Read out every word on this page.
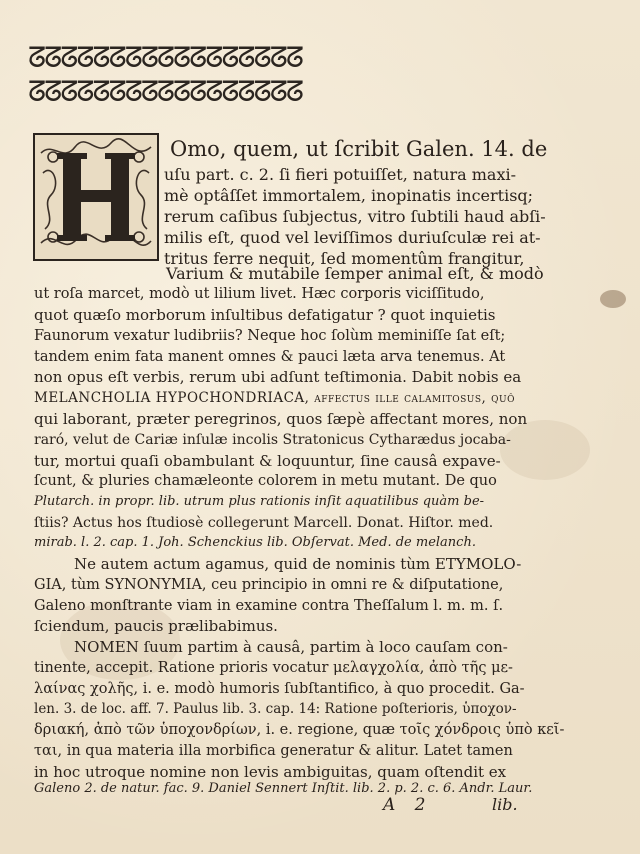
ᘔᘔᘔᘔᘔᘔᘔᘔᘔᘔᘔᘔᘔᘔᘔᘔᘔ
ᘔᘔᘔᘔᘔᘔᘔᘔᘔᘔᘔᘔᘔᘔᘔᘔᘔ
Omo, quem, ut ſcribit Galen. 14. de
uſu part. c. 2. ſi fieri potuiſſet, natura maxi-
mè optâſſet immortalem, inopinatis incertisq;
rerum caſibus ſubjectus, vitro ſubtili haud abſi-
milis eſt, quod vel leviſſimos duriuſculæ rei at-
tritus ferre nequit, ſed momentûm frangitur,
Varium & mutabile ſemper animal eſt, & modò
ut roſa marcet, modò ut lilium livet. Hæc corporis viciſſitudo,
quot quæſo morborum inſultibus defatigatur ? quot inquietis
Faunorum vexatur ludibriis? Neque hoc ſolùm meminiſſe ſat eſt;
tandem enim fata manent omnes & pauci læta arva tenemus. At
non opus eſt verbis, rerum ubi adſunt teſtimonia. Dabit nobis ea
MELANCHOLIA HYPOCHONDRIACA, affectus ille calamitoſus, quô
qui laborant, præter peregrinos, quos ſæpè affectant mores, non
raró, velut de Cariæ inſulæ incolis Stratonicus Cytharædus jocaba-
tur, mortui quaſi obambulant & loquuntur, ſine causâ expave-
ſcunt, & pluries chamæleonte colorem in metu mutant. De quo
Plutarch. in propr. lib. utrum plus rationis inſit aquatilibus quàm be-
ſtiis? Actus hos ſtudiosè collegerunt Marcell. Donat. Hiſtor. med.
mirab. l. 2. cap. 1. Joh. Schenckius lib. Obſervat. Med. de melanch.
Ne autem actum agamus, quid de nominis tùm ETYMOLO-
GIA, tùm SYNONYMIA, ceu principio in omni re & diſputatione,
Galeno monſtrante viam in examine contra Theſſalum l. m. m. ſ.
ſciendum, paucis prælibabimus.
NOMEN ſuum partim à causâ, partim à loco cauſam con-
tinente, accepit. Ratione prioris vocatur μελαγχολία, ἀπὸ τῆς με-
λαίνας χολῆς, i. e. modò humoris ſubſtantifico, à quo procedit. Ga-
len. 3. de loc. aff. 7. Paulus lib. 3. cap. 14: Ratione poſterioris, ὑποχον-
δριακή, ἀπὸ τῶν ὑποχονδρίων, i. e. regione, quæ τοῖς χόνδροις ὑπὸ κεῖ-
ται, in qua materia illa morbifica generatur & alitur. Latet tamen
in hoc utroque nomine non levis ambiguitas, quam oſtendit ex
Galeno 2. de natur. fac. 9. Daniel Sennert Inſtit. lib. 2. p. 2. c. 6. Andr. Laur.
A 2	lib.
